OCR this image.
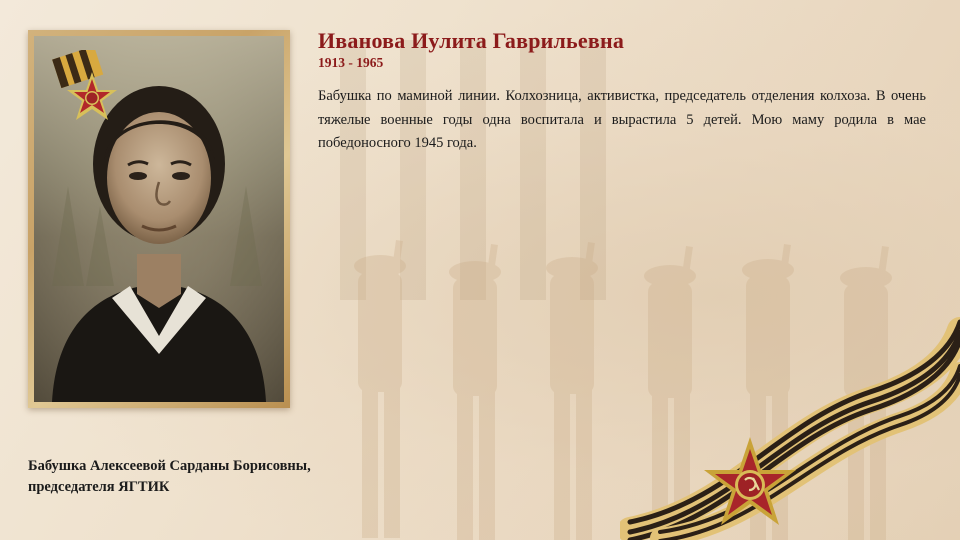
Иванова Иулита Гаврильевна
1913 - 1965

Бабушка по маминой линии. Колхозница, активистка, председатель отделения колхоза. В очень тяжелые военные годы одна воспитала и вырастила 5 детей. Мою маму родила в мае победоносного 1945 года.

Бабушка Алексеевой Сарданы Борисовны,
председателя ЯГТИК
